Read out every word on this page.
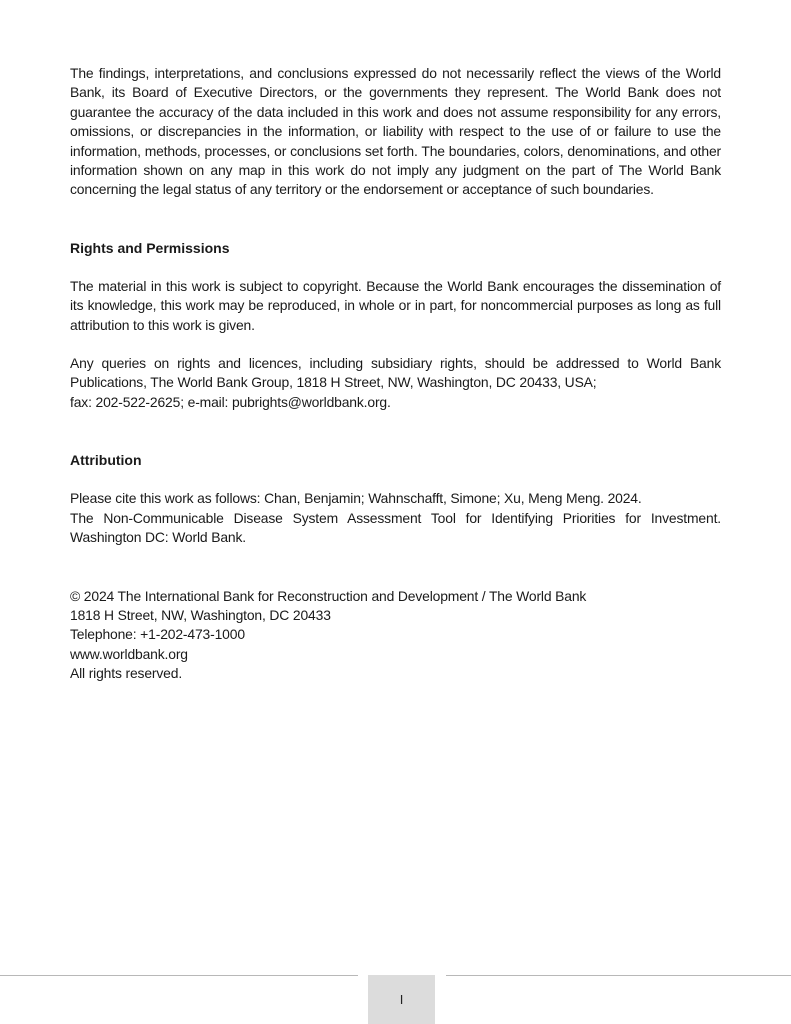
The findings, interpretations, and conclusions expressed do not necessarily reflect the views of the World Bank, its Board of Executive Directors, or the governments they represent. The World Bank does not guarantee the accuracy of the data included in this work and does not assume responsibility for any errors, omissions, or discrepancies in the information, or liability with respect to the use of or failure to use the information, methods, processes, or conclusions set forth. The boundaries, colors, denominations, and other information shown on any map in this work do not imply any judgment on the part of The World Bank concerning the legal status of any territory or the endorsement or acceptance of such boundaries.

Rights and Permissions

The material in this work is subject to copyright. Because the World Bank encourages the dissemination of its knowledge, this work may be reproduced, in whole or in part, for noncommercial purposes as long as full attribution to this work is given.

Any queries on rights and licences, including subsidiary rights, should be addressed to World Bank Publications, The World Bank Group, 1818 H Street, NW, Washington, DC 20433, USA;

fax: 202-522-2625; e-mail: pubrights@worldbank.org.

Attribution

Please cite this work as follows: Chan, Benjamin; Wahnschafft, Simone; Xu, Meng Meng. 2024.

The Non-Communicable Disease System Assessment Tool for Identifying Priorities for Investment. Washington DC: World Bank.

© 2024 The International Bank for Reconstruction and Development / The World Bank
1818 H Street, NW, Washington, DC 20433
Telephone: +1-202-473-1000
www.worldbank.org
All rights reserved.
I
